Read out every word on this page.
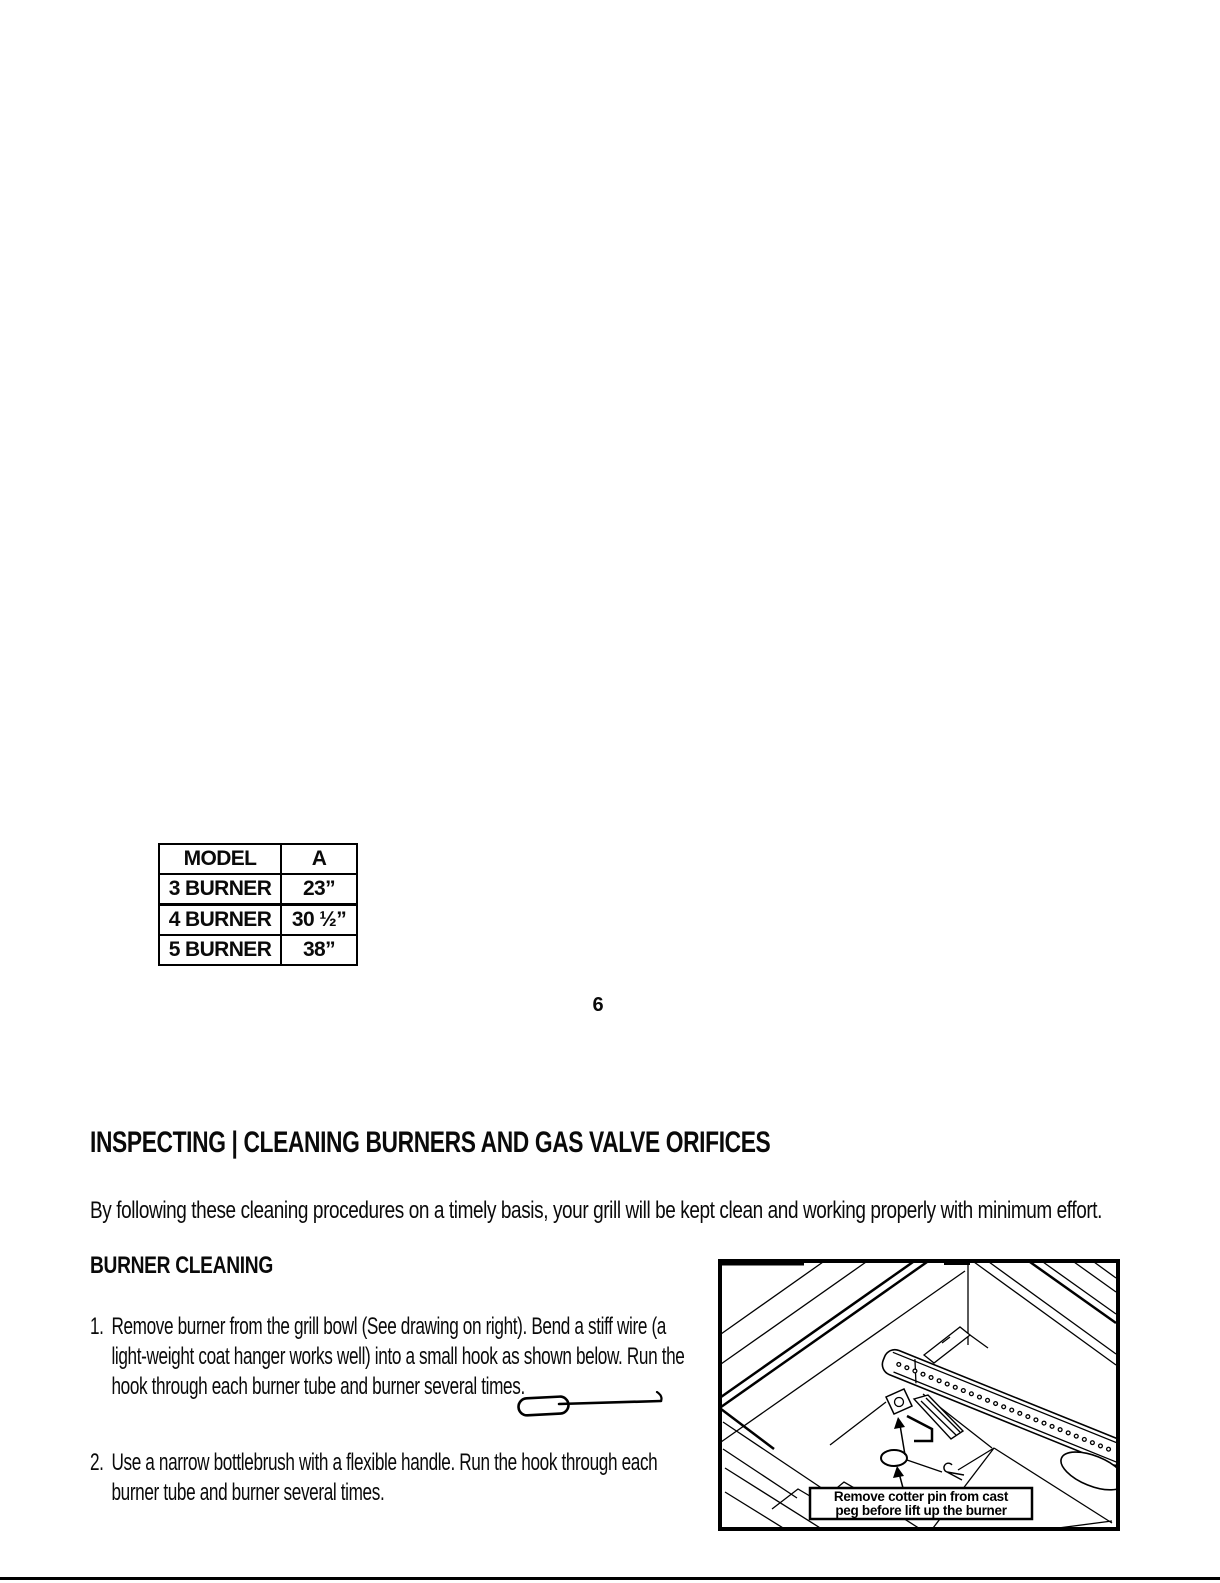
MODEL	A
3 BURNER	23”
4 BURNER	30 ½”
5 BURNER	38”
6
INSPECTING | CLEANING BURNERS AND GAS VALVE ORIFICES

By following these cleaning procedures on a timely basis, your grill will be kept clean and working properly with minimum effort.

BURNER CLEANING
1. Remove burner from the grill bowl (See drawing on right). Bend a stiff wire (a light-weight coat hanger works well) into a small hook as shown below. Run the hook through each burner tube and burner several times.
2. Use a narrow bottlebrush with a flexible handle. Run the hook through each burner tube and burner several times.	Remove cotter pin from cast
peg before lift up the burner
